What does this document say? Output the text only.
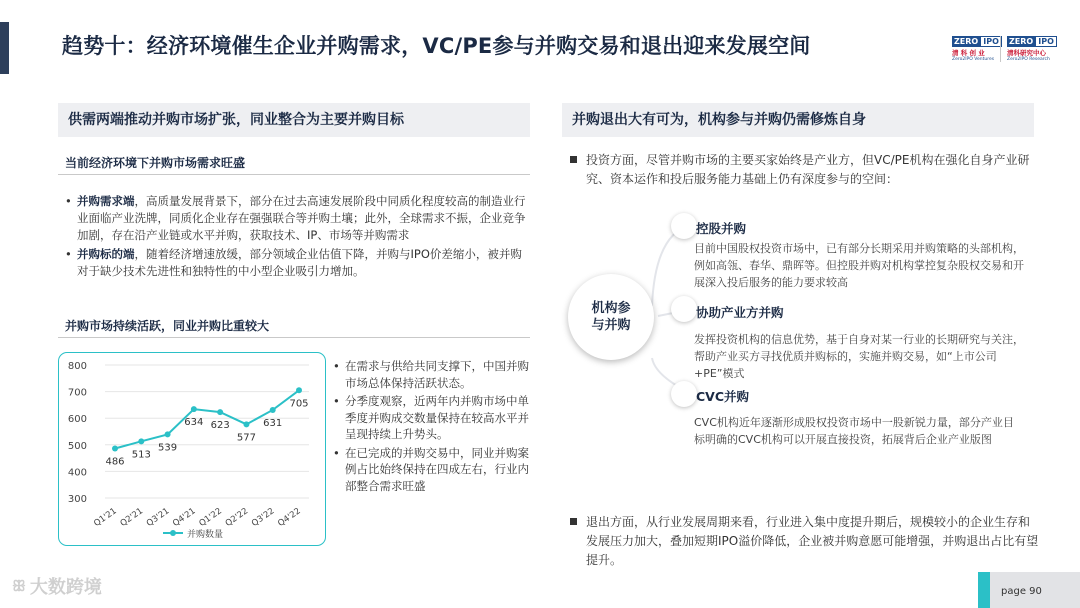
趋势十：经济环境催生企业并购需求，VC/PE参与并购交易和退出迎来发展空间	ZERO IPO
清 科 创 业
Zero2IPO Ventures
ZERO IPO
清科研究中心
Zero2IPO Research
供需两端推动并购市场扩张，同业整合为主要并购目标
当前经济环境下并购市场需求旺盛
• 并购需求端，高质量发展背景下，部分在过去高速发展阶段中同质化程度较高的制造业行业面临产业洗牌，同质化企业存在强强联合等并购土壤；此外，全球需求不振，企业竞争加剧，存在沿产业链或水平并购，获取技术、IP、市场等并购需求
• 并购标的端，随着经济增速放缓，部分领域企业估值下降，并购与IPO价差缩小，被并购对于缺少技术先进性和独特性的中小型企业吸引力增加。
并购市场持续活跃，同业并购比重较大
800
700
600
500
400
300
Q1'21 Q2'21 Q3'21 Q4'21 Q1'22 Q2'22 Q3'22 Q4'22
486
513
539
634 623
577
631
705
并购数量
• 在需求与供给共同支撑下，中国并购市场总体保持活跃状态。
• 分季度观察，近两年内并购市场中单季度并购成交数量保持在较高水平并呈现持续上升势头。
• 在已完成的并购交易中，同业并购案例占比始终保持在四成左右，行业内部整合需求旺盛
并购退出大有可为，机构参与并购仍需修炼自身
投资方面，尽管并购市场的主要买家始终是产业方，但VC/PE机构在强化自身产业研究、资本运作和投后服务能力基础上仍有深度参与的空间：
机构参
与并购
控股并购
目前中国股权投资市场中，已有部分长期采用并购策略的头部机构，例如高瓴、春华、鼎晖等。但控股并购对机构掌控复杂股权交易和开展深入投后服务的能力要求较高
协助产业方并购
发挥投资机构的信息优势，基于自身对某一行业的长期研究与关注，帮助产业买方寻找优质并购标的，实施并购交易，如“上市公司+PE”模式
CVC并购
CVC机构近年逐渐形成股权投资市场中一股新锐力量，部分产业目标明确的CVC机构可以开展直接投资，拓展背后企业产业版图
退出方面，从行业发展周期来看，行业进入集中度提升期后，规模较小的企业生存和发展压力加大，叠加短期IPO溢价降低，企业被并购意愿可能增强，并购退出占比有望提升。
ꕥ 大数跨境	page 90
